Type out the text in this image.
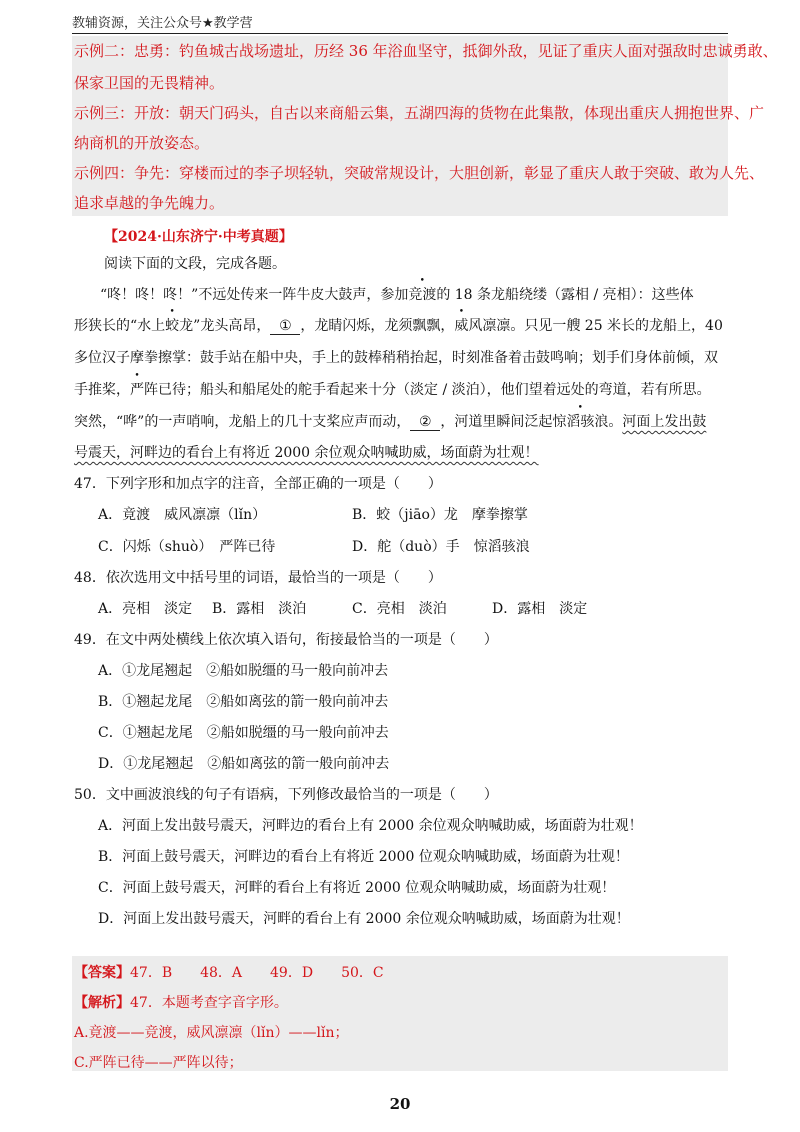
教辅资源，关注公众号★教学营
示例二：忠勇：钓鱼城古战场遗址，历经 36 年浴血坚守，抵御外敌，见证了重庆人面对强敌时忠诚勇敢、
保家卫国的无畏精神。
示例三：开放：朝天门码头，自古以来商船云集，五湖四海的货物在此集散，体现出重庆人拥抱世界、广
纳商机的开放姿态。
示例四：争先：穿楼而过的李子坝轻轨，突破常规设计，大胆创新，彰显了重庆人敢于突破、敢为人先、
追求卓越的争先魄力。
【2024·山东济宁·中考真题】
阅读下面的文段，完成各题。
“咚！咚！咚！”不远处传来一阵牛皮大鼓声，参加竞渡的 18 条龙船绕缕（露相 / 亮相）：这些体
形狭长的“水上蛟龙”龙头高昂， ① ，龙睛闪烁，龙须飘飘，威风凛凛。只见一艘 25 米长的龙船上，40
多位汉子摩拳擦掌：鼓手站在船中央，手上的鼓棒稍稍抬起，时刻准备着击鼓鸣响；划手们身体前倾，双
手推桨，严阵已待；船头和船尾处的舵手看起来十分（淡定 / 淡泊），他们望着远处的弯道，若有所思。
突然，“哗”的一声哨响，龙船上的几十支桨应声而动， ② ，河道里瞬间泛起惊滔骇浪。河面上发出鼓
号震天，河畔边的看台上有将近 2000 余位观众呐喊助威，场面蔚为壮观！
47．下列字形和加点字的注音，全部正确的一项是（　　）
A．竟渡　威风凛凛（lǐn）	B．蛟（jiāo）龙　摩拳擦掌
C．闪烁（shuò）　严阵已待	D．舵（duò）手　惊滔骇浪
48．依次选用文中括号里的词语，最恰当的一项是（　　）
A．亮相　淡定 B．露相　淡泊	C．亮相　淡泊	D．露相　淡定
49．在文中两处横线上依次填入语句，衔接最恰当的一项是（　　）
A．①龙尾翘起　②船如脱缰的马一般向前冲去
B．①翘起龙尾　②船如离弦的箭一般向前冲去
C．①翘起龙尾　②船如脱缰的马一般向前冲去
D．①龙尾翘起　②船如离弦的箭一般向前冲去
50．文中画波浪线的句子有语病，下列修改最恰当的一项是（　　）
A．河面上发出鼓号震天，河畔边的看台上有 2000 余位观众呐喊助威，场面蔚为壮观！
B．河面上鼓号震天，河畔边的看台上有将近 2000 位观众呐喊助威，场面蔚为壮观！
C．河面上鼓号震天，河畔的看台上有将近 2000 位观众呐喊助威，场面蔚为壮观！
D．河面上发出鼓号震天，河畔的看台上有 2000 余位观众呐喊助威，场面蔚为壮观！
【答案】47．B　　48．A　　49．D　　50．C
【解析】47．本题考查字音字形。
A.竟渡——竞渡，威风凛凛（lǐn）——lǐn；
C.严阵已待——严阵以待；
20
